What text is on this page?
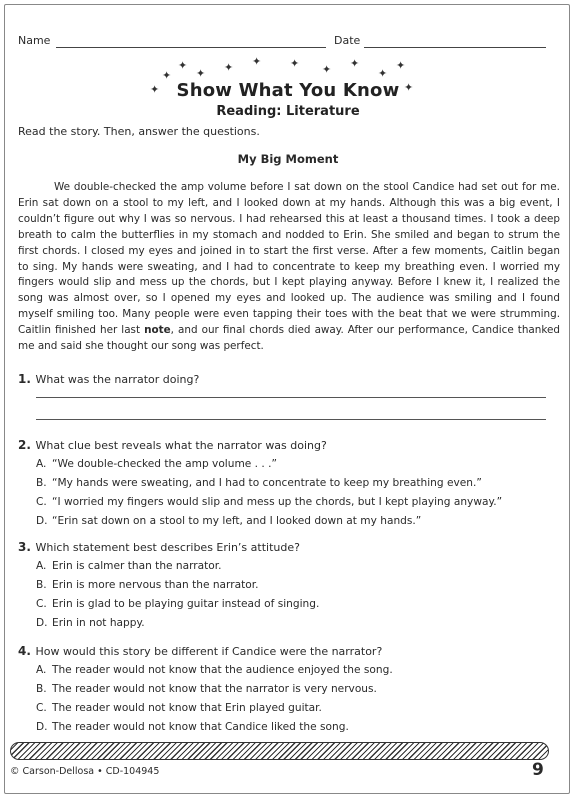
Name	Date
✦
✦ ✦
✦
✦ ✦	✦ ✦ ✦
✦
✦
✦
Show What You Know
Reading: Literature
Read the story. Then, answer the questions.
My Big Moment

We double-checked the amp volume before I sat down on the stool Candice had set out for me. Erin sat down on a stool to my left, and I looked down at my hands. Although this was a big event, I couldn’t figure out why I was so nervous. I had rehearsed this at least a thousand times. I took a deep breath to calm the butterflies in my stomach and nodded to Erin. She smiled and began to strum the first chords. I closed my eyes and joined in to start the first verse. After a few moments, Caitlin began to sing. My hands were sweating, and I had to concentrate to keep my breathing even. I worried my fingers would slip and mess up the chords, but I kept playing anyway. Before I knew it, I realized the song was almost over, so I opened my eyes and looked up. The audience was smiling and I found myself smiling too. Many people were even tapping their toes with the beat that we were strumming. Caitlin finished her last note, and our final chords died away. After our performance, Candice thanked me and said she thought our song was perfect.

1. What was the narrator doing?
2. What clue best reveals what the narrator was doing?
A. “We double-checked the amp volume . . .”
B. “My hands were sweating, and I had to concentrate to keep my breathing even.”
C. “I worried my fingers would slip and mess up the chords, but I kept playing anyway.”
D. “Erin sat down on a stool to my left, and I looked down at my hands.”
3. Which statement best describes Erin’s attitude?
A. Erin is calmer than the narrator.
B. Erin is more nervous than the narrator.
C. Erin is glad to be playing guitar instead of singing.
D. Erin in not happy.
4. How would this story be different if Candice were the narrator?
A. The reader would not know that the audience enjoyed the song.
B. The reader would not know that the narrator is very nervous.
C. The reader would not know that Erin played guitar.
D. The reader would not know that Candice liked the song.
© Carson-Dellosa • CD-104945	9
